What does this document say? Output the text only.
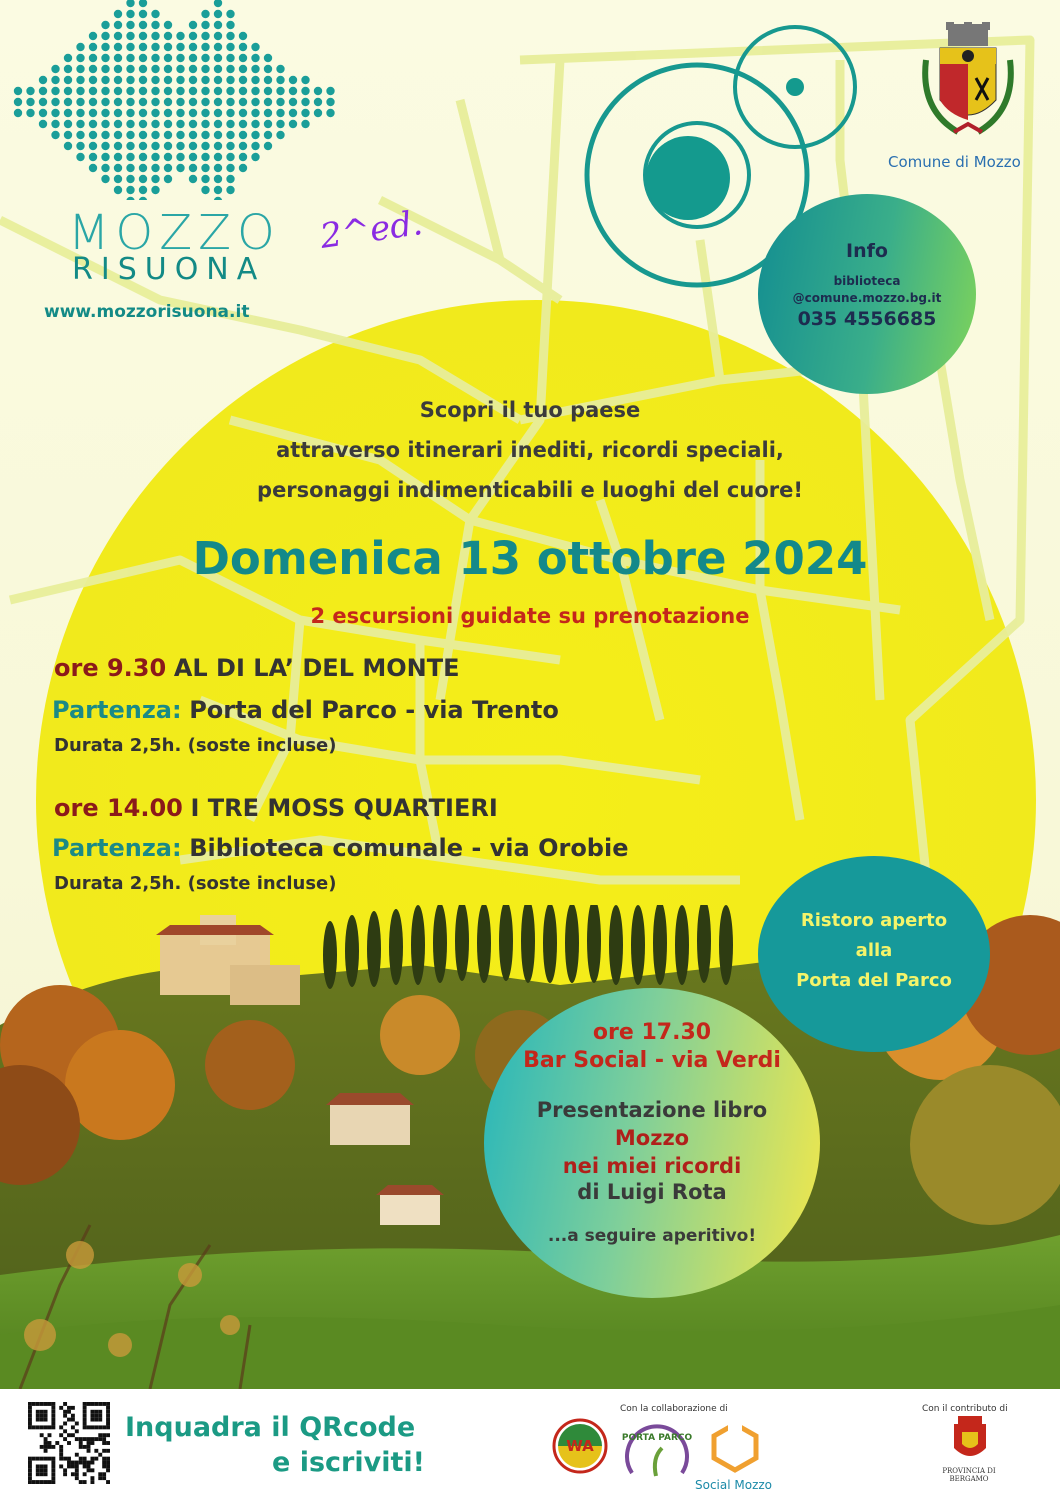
MOZZO
RISUONA
2^ed.
www.mozzorisuona.it
Comune di Mozzo
Info
biblioteca
@comune.mozzo.bg.it
035 4556685
Scopri il tuo paese
attraverso itinerari inediti, ricordi speciali,
personaggi indimenticabili e luoghi del cuore!
Domenica 13 ottobre 2024
2 escursioni guidate su prenotazione
ore 9.30 AL DI LA’ DEL MONTE
Partenza: Porta del Parco - via Trento
Durata 2,5h. (soste incluse)
ore 14.00 I TRE MOSS QUARTIERI
Partenza: Biblioteca comunale - via Orobie
Durata 2,5h. (soste incluse)
Ristoro aperto
alla
Porta del Parco
ore 17.30
Bar Social - via Verdi
Presentazione libro
Mozzo
nei miei ricordi
di Luigi Rota
...a seguire aperitivo!
Inquadra il QRcode
e iscriviti!
Con la collaborazione di
WA	PORTA PARCO
Social Mozzo
Con il contributo di
PROVINCIA DI BERGAMO
